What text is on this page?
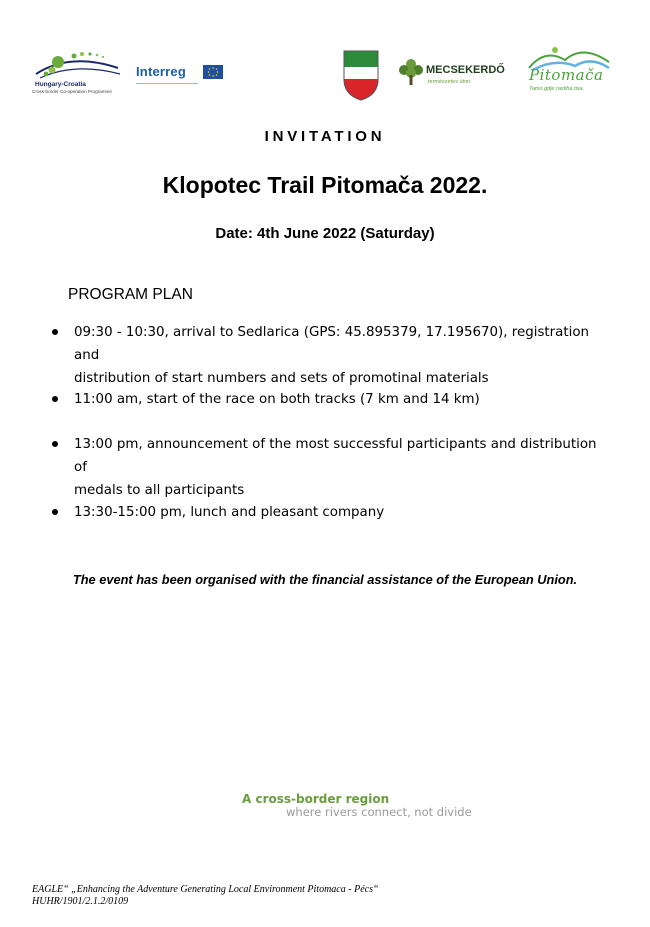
Hungary-Croatia
Cross-border Co-operation Programme
Interreg	MECSEKERDŐ
természetes úton	Pitomača
Tamo gdje rastiha tisa
INVITATION
Klopotec Trail Pitomača 2022.
Date: 4th June 2022 (Saturday)
PROGRAM PLAN
09:30 - 10:30, arrival to Sedlarica (GPS: 45.895379, 17.195670), registration and
distribution of start numbers and sets of promotinal materials
11:00 am, start of the race on both tracks (7 km and 14 km)
13:00 pm, announcement of the most successful participants and distribution of
medals to all participants
13:30-15:00 pm, lunch and pleasant company
The event has been organised with the financial assistance of the European Union.
A cross-border region
where rivers connect, not divide
EAGLE“ „Enhancing the Adventure Generating Local Environment Pitomaca - Pécs“
HUHR/1901/2.1.2/0109
